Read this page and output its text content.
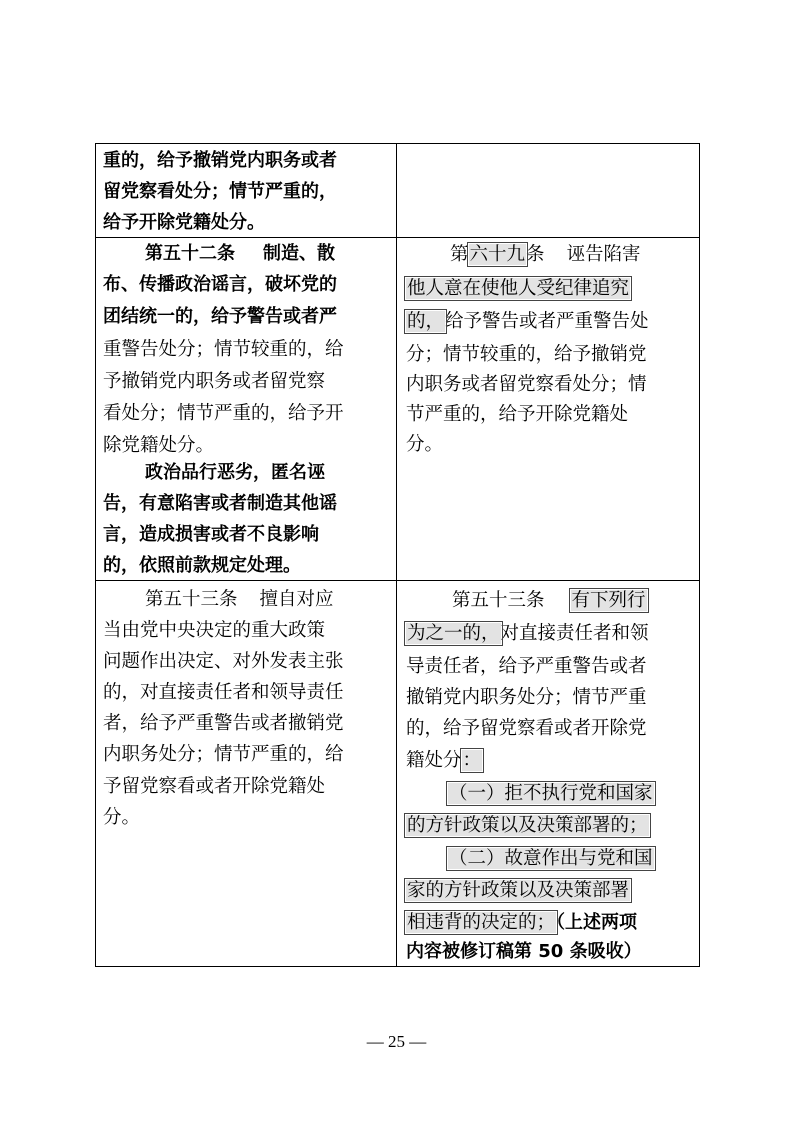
重的，给予撤销党内职务或者
留党察看处分；情节严重的，
给予开除党籍处分。
第五十二条 制造、散
布、传播政治谣言，破坏党的
团结统一的，给予警告或者严
重警告处分；情节较重的，给
予撤销党内职务或者留党察
看处分；情节严重的，给予开
除党籍处分。
政治品行恶劣，匿名诬
告，有意陷害或者制造其他谣
言，造成损害或者不良影响
的，依照前款规定处理。
第六十九条 诬告陷害
他人意在使他人受纪律追究
的，给予警告或者严重警告处
分；情节较重的，给予撤销党
内职务或者留党察看处分；情
节严重的，给予开除党籍处
分。
第五十三条 擅自对应
当由党中央决定的重大政策
问题作出决定、对外发表主张
的，对直接责任者和领导责任
者，给予严重警告或者撤销党
内职务处分；情节严重的，给
予留党察看或者开除党籍处
分。
第五十三条 有下列行
为之一的，对直接责任者和领
导责任者，给予严重警告或者
撤销党内职务处分；情节严重
的，给予留党察看或者开除党
籍处分：
（一）拒不执行党和国家
的方针政策以及决策部署的；
（二）故意作出与党和国
家的方针政策以及决策部署
相违背的决定的；（上述两项
内容被修订稿第 50 条吸收）
— 25 —
